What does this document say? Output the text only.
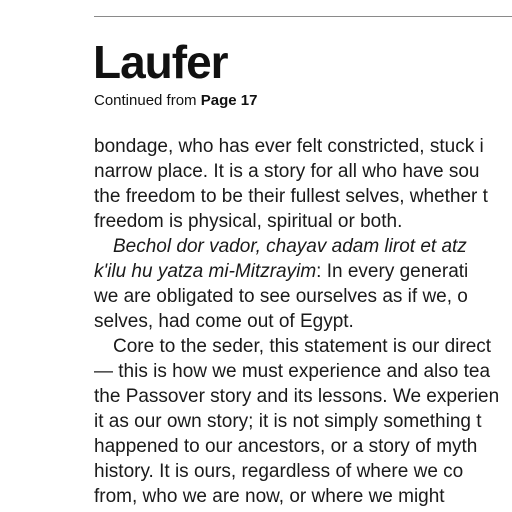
Laufer
Continued from Page 17
bondage, who has ever felt constricted, stuck i
narrow place. It is a story for all who have sou
the freedom to be their fullest selves, whether t
freedom is physical, spiritual or both.
Bechol dor vador, chayav adam lirot et atz
k'ilu hu yatza mi-Mitzrayim: In every generati
we are obligated to see ourselves as if we, o
selves, had come out of Egypt.
Core to the seder, this statement is our direct
— this is how we must experience and also tea
the Passover story and its lessons. We experien
it as our own story; it is not simply something t
happened to our ancestors, or a story of myth
history. It is ours, regardless of where we co
from, who we are now, or where we might
